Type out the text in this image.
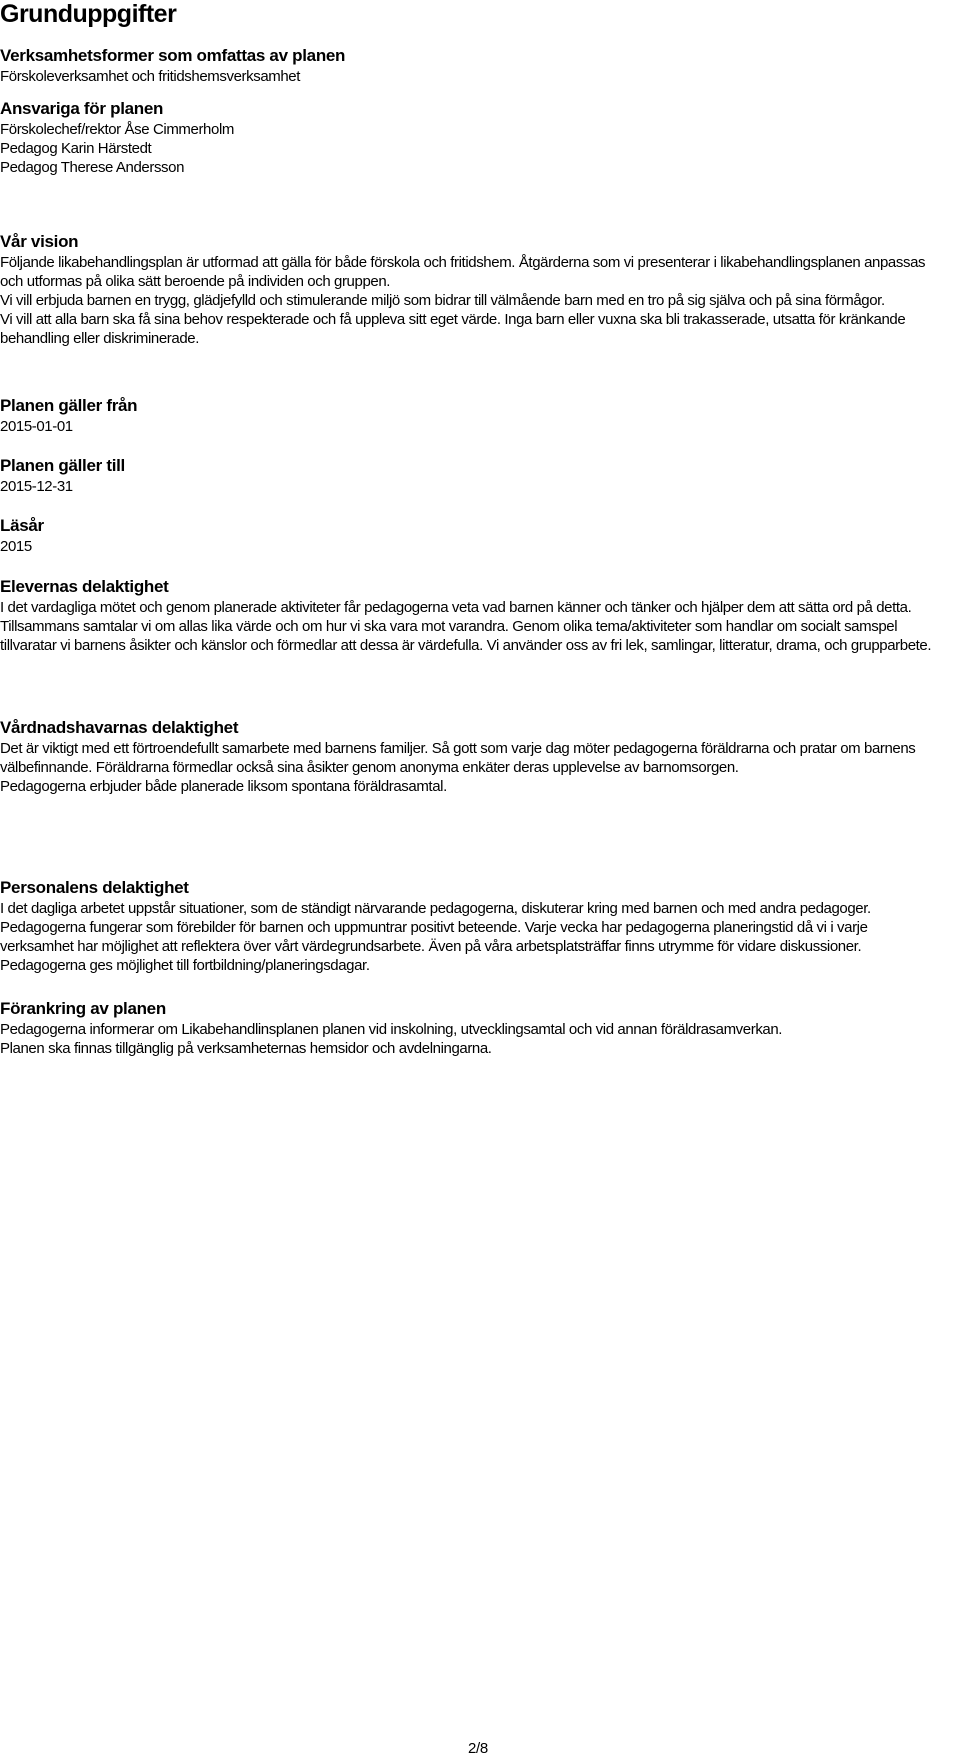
Grunduppgifter

Verksamhetsformer som omfattas av planen

Förskoleverksamhet och fritidshemsverksamhet

Ansvariga för planen

Förskolechef/rektor Åse Cimmerholm

Pedagog Karin Härstedt

Pedagog Therese Andersson

Vår vision

Följande likabehandlingsplan är utformad att gälla för både förskola och fritidshem. Åtgärderna som vi presenterar i likabehandlingsplanen anpassas och utformas på olika sätt beroende på individen och gruppen.

Vi vill erbjuda barnen en trygg, glädjefylld och stimulerande miljö som bidrar till välmående barn med en tro på sig själva och på sina förmågor.

Vi vill att alla barn ska få sina behov respekterade och få uppleva sitt eget värde. Inga barn eller vuxna ska bli trakasserade, utsatta för kränkande behandling eller diskriminerade.

Planen gäller från

2015-01-01

Planen gäller till

2015-12-31

Läsår

2015

Elevernas delaktighet

I det vardagliga mötet och genom planerade aktiviteter får pedagogerna veta vad barnen känner och tänker och hjälper dem att sätta ord på detta. Tillsammans samtalar vi om allas lika värde och om hur vi ska vara mot varandra. Genom olika tema/aktiviteter som handlar om socialt samspel tillvaratar vi barnens åsikter och känslor och förmedlar att dessa är värdefulla. Vi använder oss av fri lek, samlingar, litteratur, drama, och grupparbete.

Vårdnadshavarnas delaktighet

Det är viktigt med ett förtroendefullt samarbete med barnens familjer. Så gott som varje dag möter pedagogerna föräldrarna och pratar om barnens välbefinnande. Föräldrarna förmedlar också sina åsikter genom anonyma enkäter deras upplevelse av barnomsorgen.

Pedagogerna erbjuder både planerade liksom spontana föräldrasamtal.

Personalens delaktighet

I det dagliga arbetet uppstår situationer, som de ständigt närvarande pedagogerna, diskuterar kring med barnen och med andra pedagoger. Pedagogerna fungerar som förebilder för barnen och uppmuntrar positivt beteende. Varje vecka har pedagogerna planeringstid då vi i varje verksamhet har möjlighet att reflektera över vårt värdegrundsarbete. Även på våra arbetsplatsträffar finns utrymme för vidare diskussioner. Pedagogerna ges möjlighet till fortbildning/planeringsdagar.

Förankring av planen

Pedagogerna informerar om Likabehandlinsplanen planen vid inskolning, utvecklingsamtal och vid annan föräldrasamverkan.

Planen ska finnas tillgänglig på verksamheternas hemsidor och avdelningarna.

2/8
